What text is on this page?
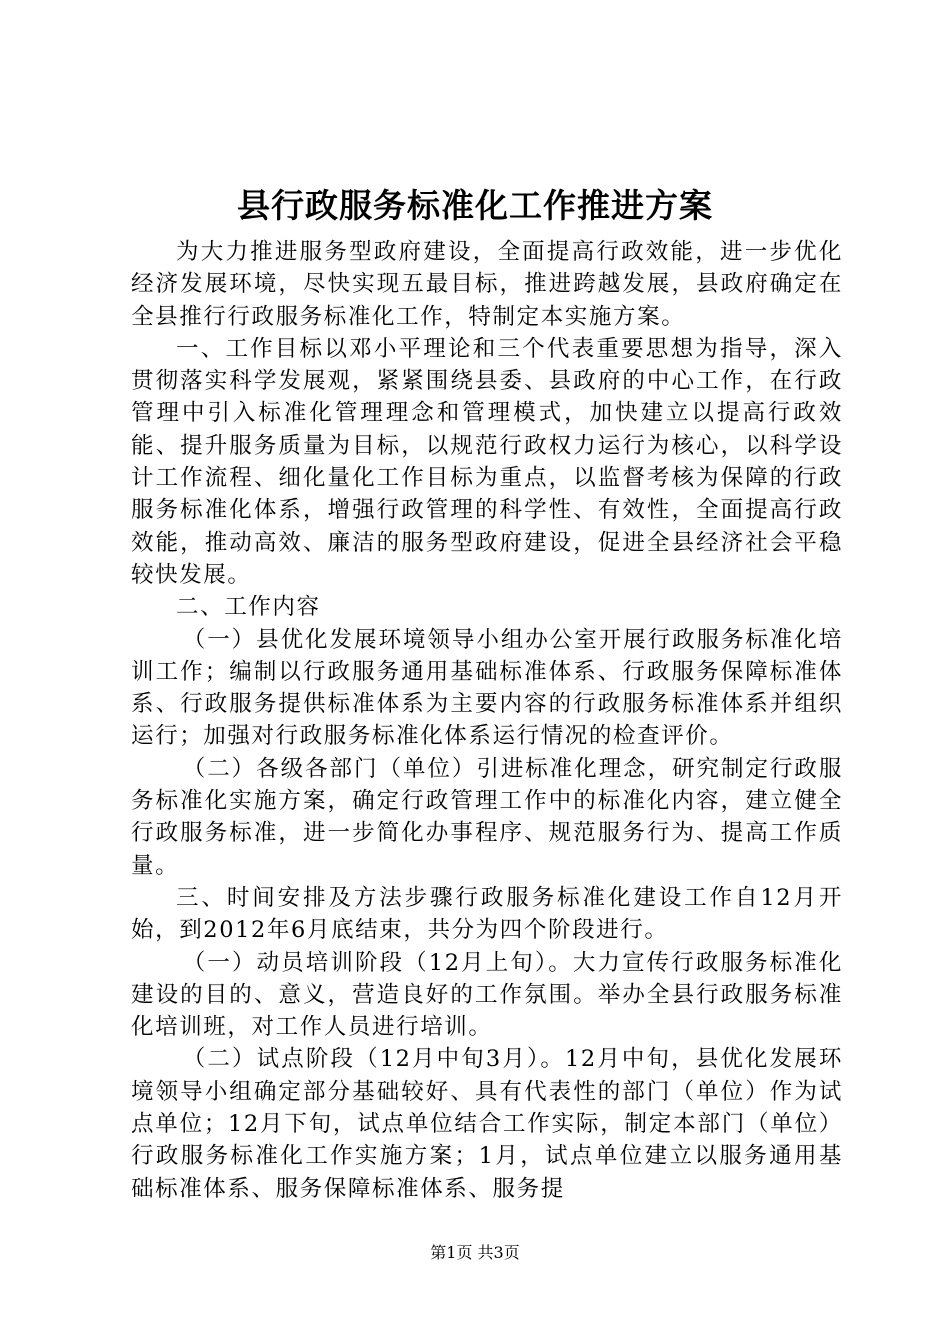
县行政服务标准化工作推进方案

为大力推进服务型政府建设，全面提高行政效能，进一步优化经济发展环境，尽快实现五最目标，推进跨越发展，县政府确定在全县推行行政服务标准化工作，特制定本实施方案。

一、工作目标以邓小平理论和三个代表重要思想为指导，深入贯彻落实科学发展观，紧紧围绕县委、县政府的中心工作，在行政管理中引入标准化管理理念和管理模式，加快建立以提高行政效能、提升服务质量为目标，以规范行政权力运行为核心，以科学设计工作流程、细化量化工作目标为重点，以监督考核为保障的行政服务标准化体系，增强行政管理的科学性、有效性，全面提高行政效能，推动高效、廉洁的服务型政府建设，促进全县经济社会平稳较快发展。

二、工作内容

（一）县优化发展环境领导小组办公室开展行政服务标准化培训工作；编制以行政服务通用基础标准体系、行政服务保障标准体系、行政服务提供标准体系为主要内容的行政服务标准体系并组织运行；加强对行政服务标准化体系运行情况的检查评价。

（二）各级各部门（单位）引进标准化理念，研究制定行政服务标准化实施方案，确定行政管理工作中的标准化内容，建立健全行政服务标准，进一步简化办事程序、规范服务行为、提高工作质量。

三、时间安排及方法步骤行政服务标准化建设工作自12月开始，到2012年6月底结束，共分为四个阶段进行。

（一）动员培训阶段（12月上旬）。大力宣传行政服务标准化建设的目的、意义，营造良好的工作氛围。举办全县行政服务标准化培训班，对工作人员进行培训。

（二）试点阶段（12月中旬3月）。12月中旬，县优化发展环境领导小组确定部分基础较好、具有代表性的部门（单位）作为试点单位；12月下旬，试点单位结合工作实际，制定本部门（单位）行政服务标准化工作实施方案；1月，试点单位建立以服务通用基础标准体系、服务保障标准体系、服务提

第1页 共3页
